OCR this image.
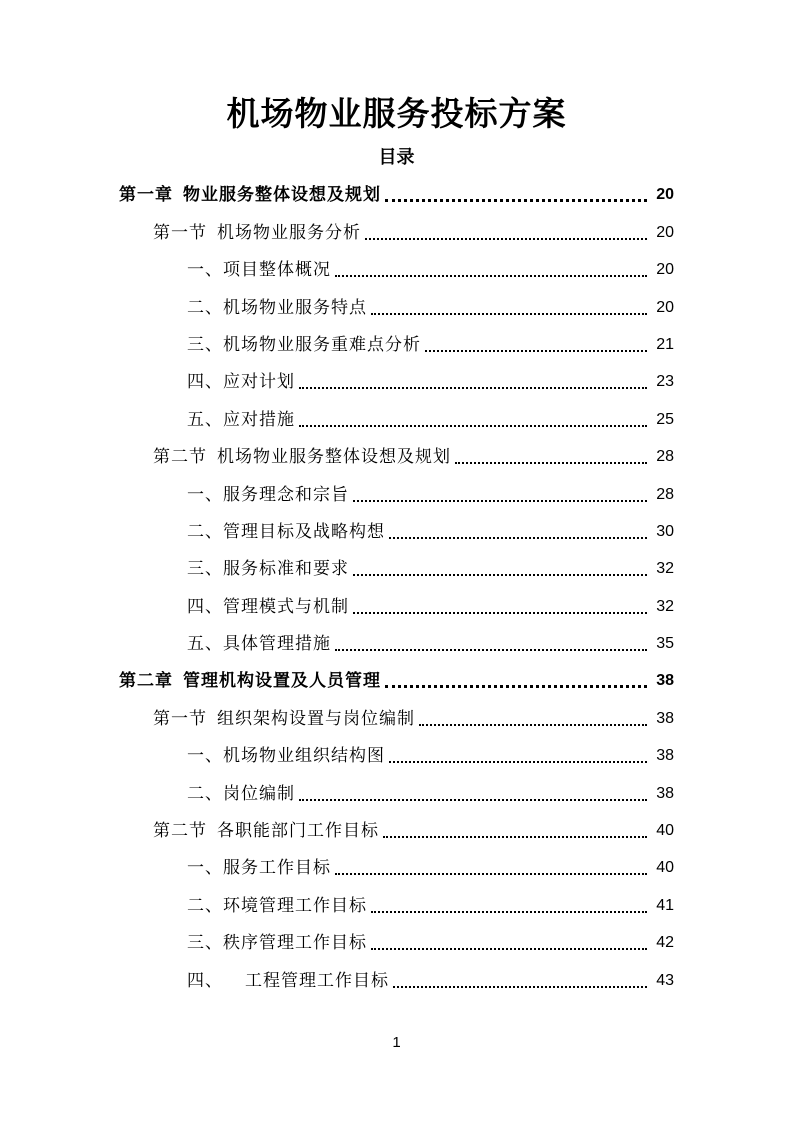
机场物业服务投标方案
目录
第一章 物业服务整体设想及规划	20
第一节 机场物业服务分析	20
一、 项目整体概况	20
二、 机场物业服务特点	20
三、 机场物业服务重难点分析	21
四、 应对计划	23
五、 应对措施	25
第二节 机场物业服务整体设想及规划	28
一、 服务理念和宗旨	28
二、 管理目标及战略构想	30
三、 服务标准和要求	32
四、 管理模式与机制	32
五、 具体管理措施	35
第二章 管理机构设置及人员管理	38
第一节 组织架构设置与岗位编制	38
一、 机场物业组织结构图	38
二、 岗位编制	38
第二节 各职能部门工作目标	40
一、 服务工作目标	40
二、 环境管理工作目标	41
三、 秩序管理工作目标	42
四、 工程管理工作目标	43
1
